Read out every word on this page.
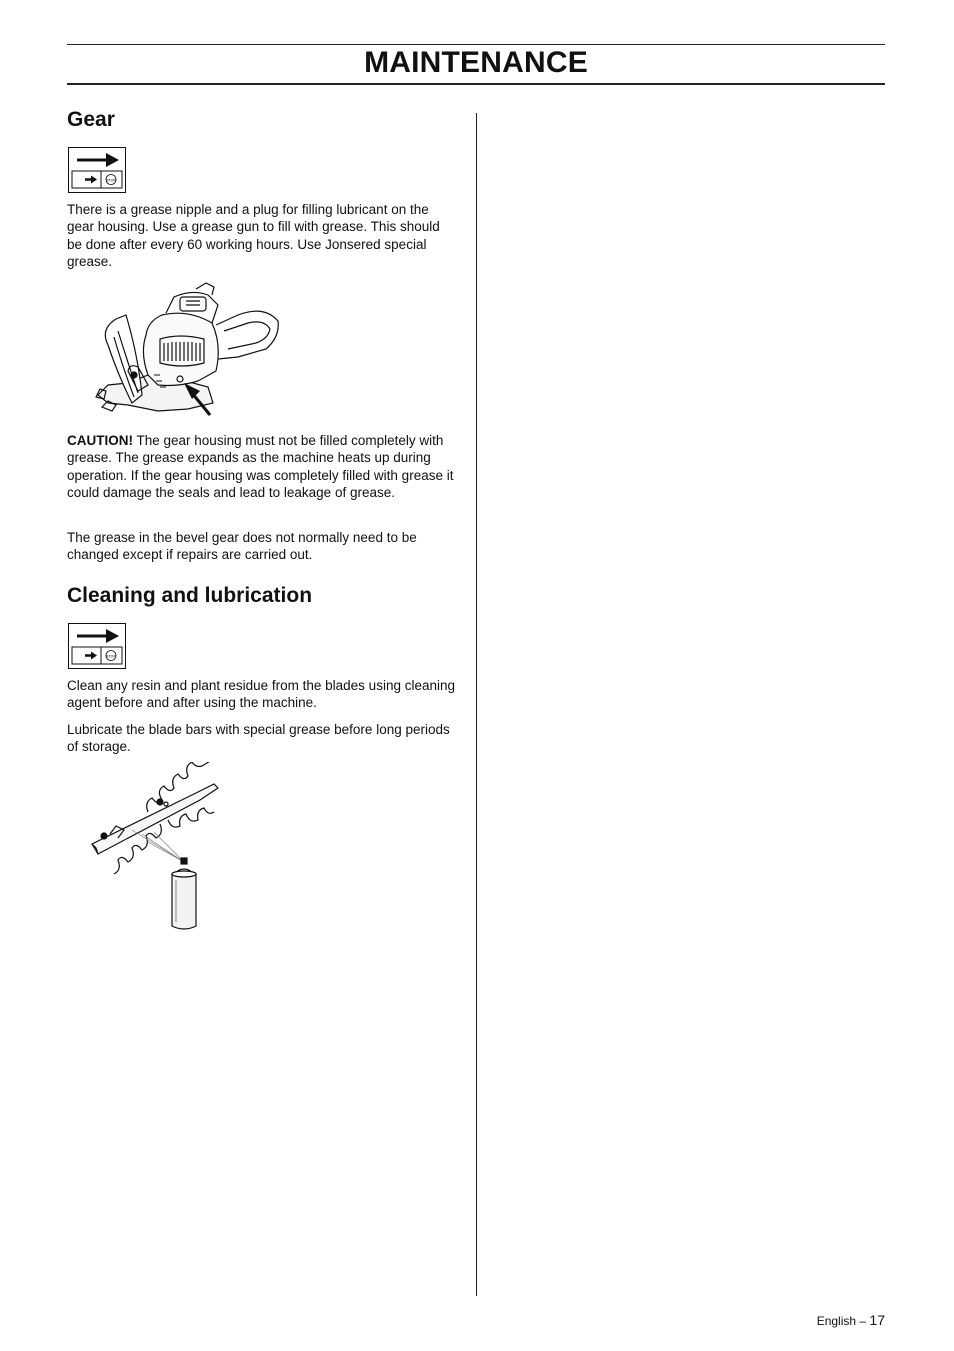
MAINTENANCE
Gear
STOP

There is a grease nipple and a plug for filling lubricant on the gear housing. Use a grease gun to fill with grease. This should be done after every 60 working hours. Use Jonsered special grease.

CAUTION! The gear housing must not be filled completely with grease. The grease expands as the machine heats up during operation. If the gear housing was completely filled with grease it could damage the seals and lead to leakage of grease.

The grease in the bevel gear does not normally need to be changed except if repairs are carried out.

Cleaning and lubrication
STOP

Clean any resin and plant residue from the blades using cleaning agent before and after using the machine.

Lubricate the blade bars with special grease before long periods of storage.

English – 17
